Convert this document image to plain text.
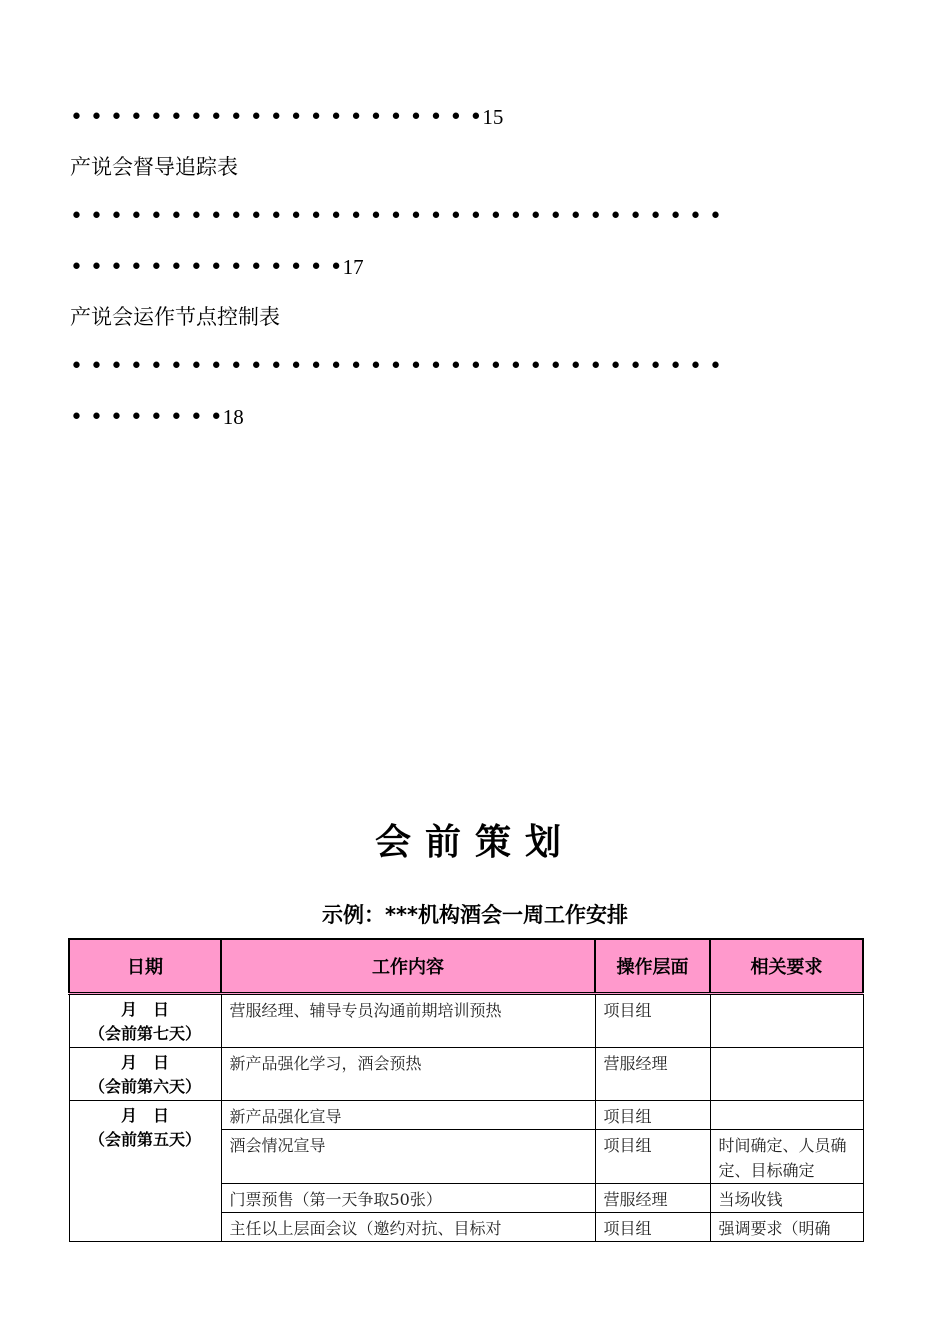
• • • • • • • • • • • • • • • • • • • • •15
产说会督导追踪表
• • • • • • • • • • • • • • • • • • • • • • • • • • • • • • • • •
• • • • • • • • • • • • • •17
产说会运作节点控制表
• • • • • • • • • • • • • • • • • • • • • • • • • • • • • • • • •
• • • • • • • •18
会前策划
示例：***机构酒会一周工作安排
日期	工作内容	操作层面	相关要求

月　日
（会前第七天）	营服经理、辅导专员沟通前期培训预热	项目组	

月　日
（会前第六天）	新产品强化学习，酒会预热	营服经理	

月　日
（会前第五天）	新产品强化宣导	项目组	
	酒会情况宣导	项目组	时间确定、人员确定、目标确定
	门票预售（第一天争取50张）	营服经理	当场收钱
	主任以上层面会议（邀约对抗、目标对	项目组	强调要求（明确
